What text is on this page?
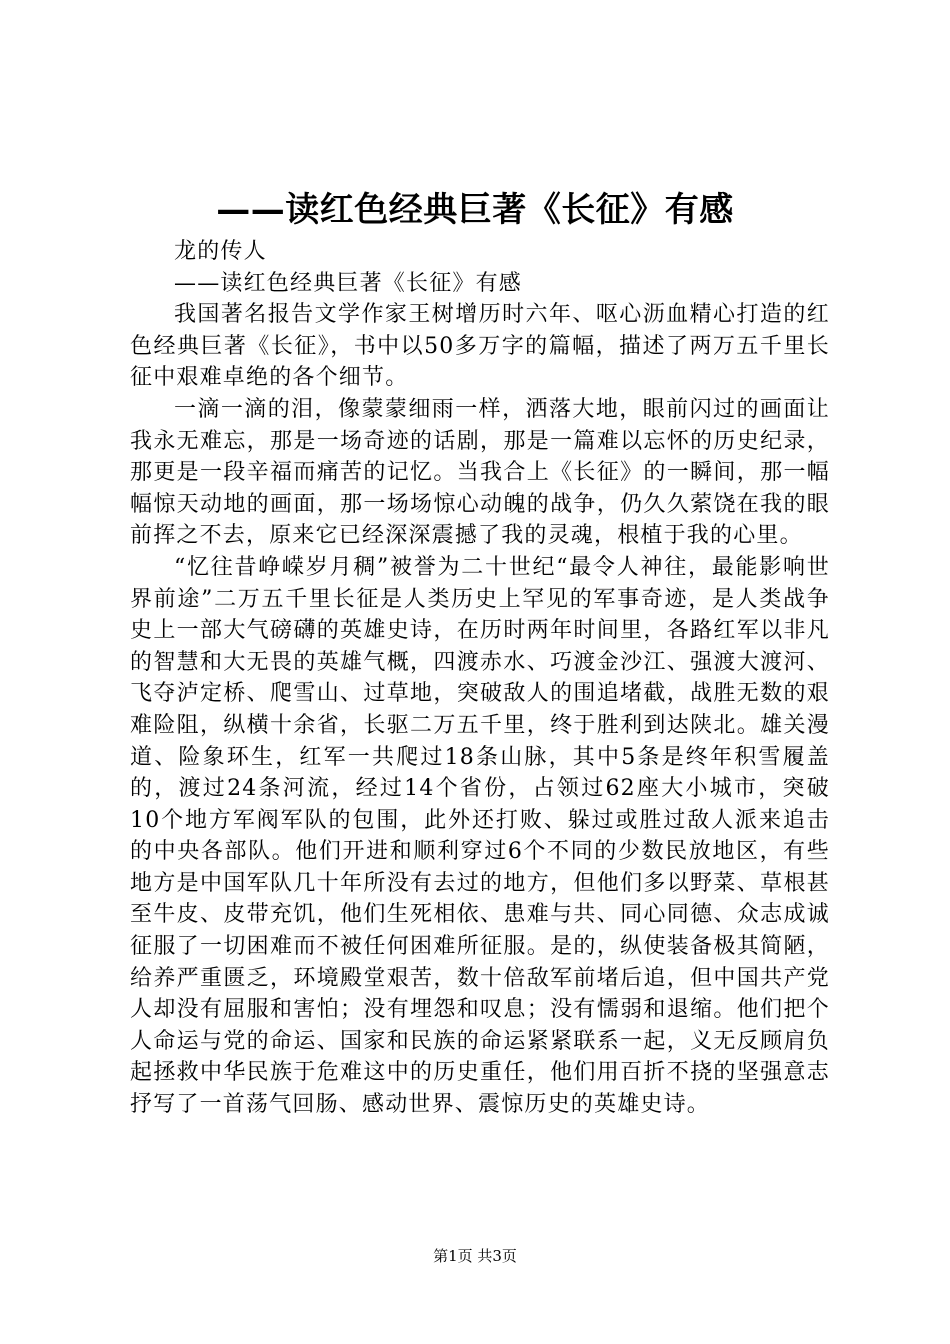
——读红色经典巨著《长征》有感

龙的传人

——读红色经典巨著《长征》有感

我国著名报告文学作家王树增历时六年、呕心沥血精心打造的红色经典巨著《长征》，书中以50多万字的篇幅，描述了两万五千里长征中艰难卓绝的各个细节。

一滴一滴的泪，像蒙蒙细雨一样，洒落大地，眼前闪过的画面让我永无难忘，那是一场奇迹的话剧，那是一篇难以忘怀的历史纪录，那更是一段辛福而痛苦的记忆。当我合上《长征》的一瞬间，那一幅幅惊天动地的画面，那一场场惊心动魄的战争，仍久久萦饶在我的眼前挥之不去，原来它已经深深震撼了我的灵魂，根植于我的心里。

“忆往昔峥嵘岁月稠”被誉为二十世纪“最令人神往，最能影响世界前途”二万五千里长征是人类历史上罕见的军事奇迹，是人类战争史上一部大气磅礴的英雄史诗，在历时两年时间里，各路红军以非凡的智慧和大无畏的英雄气概，四渡赤水、巧渡金沙江、强渡大渡河、飞夺泸定桥、爬雪山、过草地，突破敌人的围追堵截，战胜无数的艰难险阻，纵横十余省，长驱二万五千里，终于胜利到达陕北。雄关漫道、险象环生，红军一共爬过18条山脉，其中5条是终年积雪履盖的，渡过24条河流，经过14个省份，占领过62座大小城市，突破10个地方军阀军队的包围，此外还打败、躲过或胜过敌人派来追击的中央各部队。他们开进和顺利穿过6个不同的少数民放地区，有些地方是中国军队几十年所没有去过的地方，但他们多以野菜、草根甚至牛皮、皮带充饥，他们生死相依、患难与共、同心同德、众志成诚征服了一切困难而不被任何困难所征服。是的，纵使装备极其简陋，给养严重匮乏，环境殿堂艰苦，数十倍敌军前堵后追，但中国共产党人却没有屈服和害怕；没有埋怨和叹息；没有懦弱和退缩。他们把个人命运与党的命运、国家和民族的命运紧紧联系一起，义无反顾肩负起拯救中华民族于危难这中的历史重任，他们用百折不挠的坚强意志抒写了一首荡气回肠、感动世界、震惊历史的英雄史诗。

第1页 共3页
